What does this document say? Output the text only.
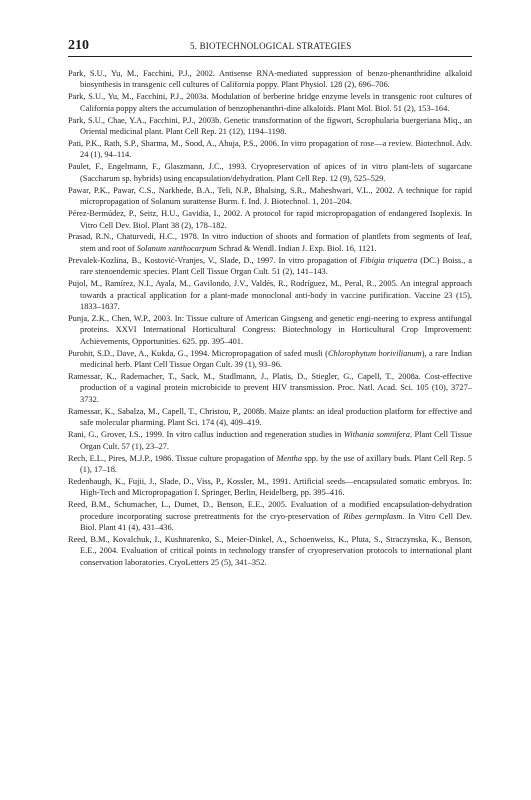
210	5. BIOTECHNOLOGICAL STRATEGIES

Park, S.U., Yu, M., Facchini, P.J., 2002. Antisense RNA-mediated suppression of benzo-phenanthridine alkaloid biosynthesis in transgenic cell cultures of California poppy. Plant Physiol. 128 (2), 696–706.

Park, S.U., Yu, M., Facchini, P.J., 2003a. Modulation of berberine bridge enzyme levels in transgenic root cultures of California poppy alters the accumulation of benzophenanthri-dine alkaloids. Plant Mol. Biol. 51 (2), 153–164.

Park, S.U., Chae, Y.A., Facchini, P.J., 2003b. Genetic transformation of the figwort, Scrophularia buergeriana Miq., an Oriental medicinal plant. Plant Cell Rep. 21 (12), 1194–1198.

Pati, P.K., Rath, S.P., Sharma, M., Sood, A., Ahuja, P.S., 2006. In vitro propagation of rose—a review. Biotechnol. Adv. 24 (1), 94–114.

Paulet, F., Engelmann, F., Glaszmann, J.C., 1993. Cryopreservation of apices of in vitro plant-lets of sugarcane (Saccharum sp. hybrids) using encapsulation/dehydration. Plant Cell Rep. 12 (9), 525–529.

Pawar, P.K., Pawar, C.S., Narkhede, B.A., Teli, N.P., Bhalsing, S.R., Maheshwari, V.L., 2002. A technique for rapid micropropagation of Solanum surattense Burm. f. Ind. J. Biotechnol. 1, 201–204.

Pérez-Bermúdez, P., Seitz, H.U., Gavidia, I., 2002. A protocol for rapid micropropagation of endangered Isoplexis. In Vitro Cell Dev. Biol. Plant 38 (2), 178–182.

Prasad, R.N., Chaturvedi, H.C., 1978. In vitro induction of shoots and formation of plantlets from segments of leaf, stem and root of Solanum xanthocarpum Schrad & Wendl. Indian J. Exp. Biol. 16, 1121.

Prevalek-Kozlina, B., Kostović-Vranjes, V., Slade, D., 1997. In vitro propagation of Fibigia triquetra (DC.) Boiss., a rare stenoendemic species. Plant Cell Tissue Organ Cult. 51 (2), 141–143.

Pujol, M., Ramírez, N.I., Ayala, M., Gavilondo, J.V., Valdés, R., Rodríguez, M., Peral, R., 2005. An integral approach towards a practical application for a plant-made monoclonal anti-body in vaccine purification. Vaccine 23 (15), 1833–1837.

Punja, Z.K., Chen, W.P., 2003. In: Tissue culture of American Gingseng and genetic engi-neering to express antifungal proteins. XXVI International Horticultural Congress: Biotechnology in Horticultural Crop Improvement: Achievements, Opportunities. 625. pp. 395–401.

Purohit, S.D., Dave, A., Kukda, G., 1994. Micropropagation of safed musli (Chlorophytum borivilianum), a rare Indian medicinal herb. Plant Cell Tissue Organ Cult. 39 (1), 93–96.

Ramessar, K., Rademacher, T., Sack, M., Stadlmann, J., Platis, D., Stiegler, G., Capell, T., 2008a. Cost-effective production of a vaginal protein microbicide to prevent HIV transmission. Proc. Natl. Acad. Sci. 105 (10), 3727–3732.

Ramessar, K., Sabalza, M., Capell, T., Christou, P., 2008b. Maize plants: an ideal production platform for effective and safe molecular pharming. Plant Sci. 174 (4), 409–419.

Rani, G., Grover, I.S., 1999. In vitro callus induction and regeneration studies in Withania somnifera. Plant Cell Tissue Organ Cult. 57 (1), 23–27.

Rech, E.L., Pires, M.J.P., 1986. Tissue culture propagation of Mentha spp. by the use of axillary buds. Plant Cell Rep. 5 (1), 17–18.

Redenbaugh, K., Fujii, J., Slade, D., Viss, P., Kossler, M., 1991. Artificial seeds—encapsulated somatic embryos. In: High-Tech and Micropropagation I. Springer, Berlin, Heidelberg, pp. 395–416.

Reed, B.M., Schumacher, L., Dumet, D., Benson, E.E., 2005. Evaluation of a modified encapsulation-dehydration procedure incorporating sucrose pretreatments for the cryo-preservation of Ribes germplasm. In Vitro Cell Dev. Biol. Plant 41 (4), 431–436.

Reed, B.M., Kovalchuk, I., Kushnarenko, S., Meier-Dinkel, A., Schoenweiss, K., Pluta, S., Straczynska, K., Benson, E.E., 2004. Evaluation of critical points in technology transfer of cryopreservation protocols to international plant conservation laboratories. CryoLetters 25 (5), 341–352.
